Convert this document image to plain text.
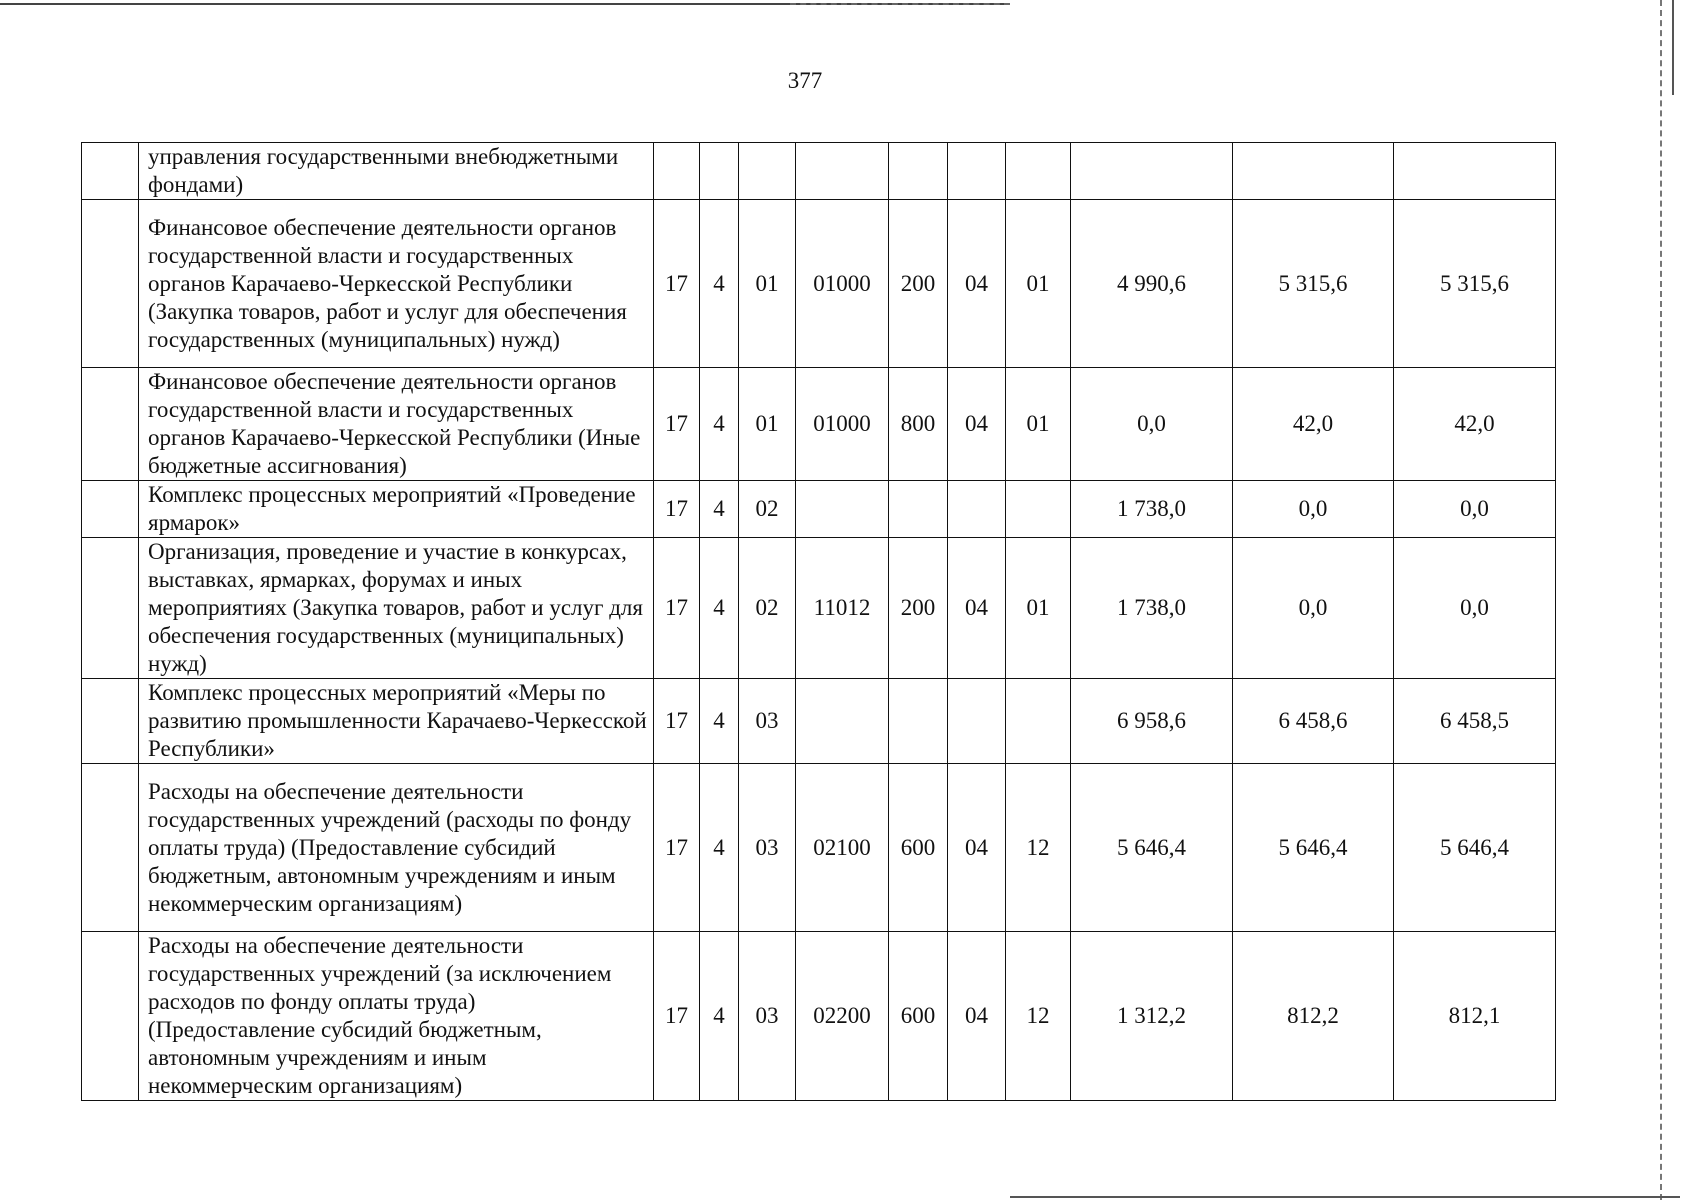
377
	управления государственными внебюджетными фондами)										
	Финансовое обеспечение деятельности органов государственной власти и государственных органов Карачаево-Черкесской Республики (Закупка товаров, работ и услуг для обеспечения государственных (муниципальных) нужд)	17	4	01	01000	200	04	01	4 990,6	5 315,6	5 315,6
	Финансовое обеспечение деятельности органов государственной власти и государственных органов Карачаево-Черкесской Республики (Иные бюджетные ассигнования)	17	4	01	01000	800	04	01	0,0	42,0	42,0
	Комплекс процессных мероприятий «Проведение ярмарок»	17	4	02					1 738,0	0,0	0,0
	Организация, проведение и участие в конкурсах, выставках, ярмарках, форумах и иных мероприятиях (Закупка товаров, работ и услуг для обеспечения государственных (муниципальных) нужд)	17	4	02	11012	200	04	01	1 738,0	0,0	0,0
	Комплекс процессных мероприятий «Меры по развитию промышленности Карачаево-Черкесской Республики»	17	4	03					6 958,6	6 458,6	6 458,5
	Расходы на обеспечение деятельности государственных учреждений (расходы по фонду оплаты труда) (Предоставление субсидий бюджетным, автономным учреждениям и иным некоммерческим организациям)	17	4	03	02100	600	04	12	5 646,4	5 646,4	5 646,4
	Расходы на обеспечение деятельности государственных учреждений (за исключением расходов по фонду оплаты труда) (Предоставление субсидий бюджетным, автономным учреждениям и иным некоммерческим организациям)	17	4	03	02200	600	04	12	1 312,2	812,2	812,1
